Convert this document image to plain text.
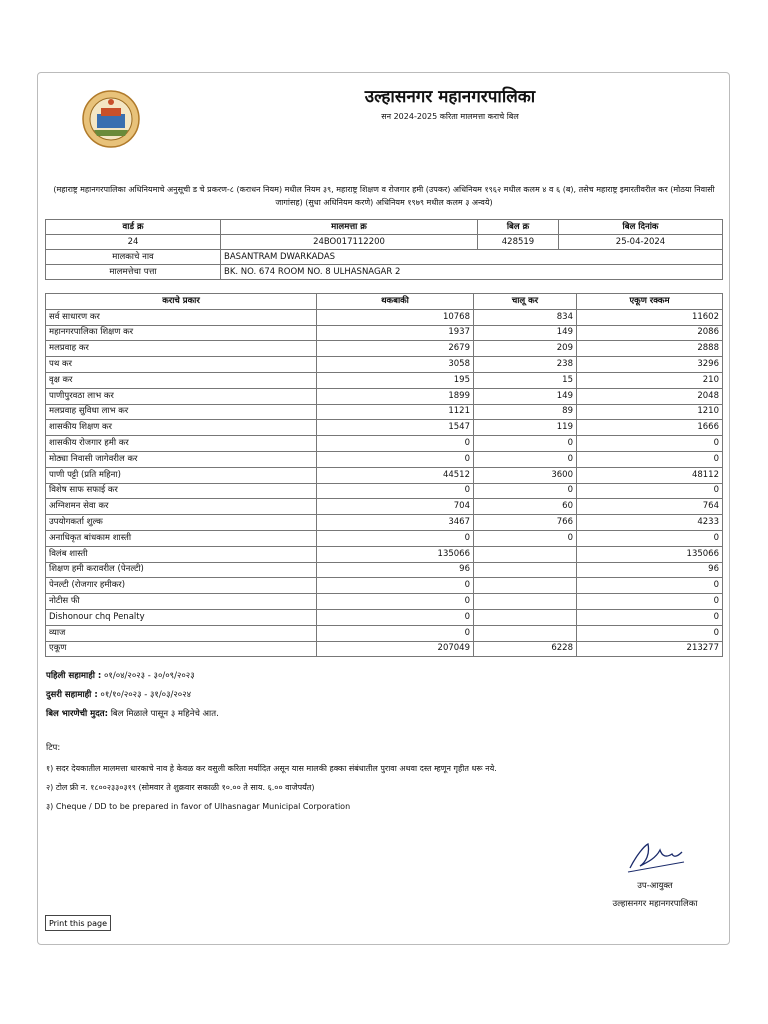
उल्हासनगर महानगरपालिका
सन 2024-2025 करिता मालमत्ता कराचे बिल
(महाराष्ट्र महानगरपालिका अधिनियमाचे अनुसूची ड चे प्रकरण-८ (कराधन नियम) मधील नियम ३९, महाराष्ट्र शिक्षण व रोजगार हमी (उपकर) अधिनियम १९६२ मधील कलम ४ व ६ (ब), तसेच महाराष्ट्र इमारतीवरील कर (मोठया निवासी जागांसह) (सुधा अधिनियम करणे) अधिनियम १९७९ मधील कलम ३ अन्वये)
वार्ड क्र	मालमत्ता क्र	बिल क्र	बिल दिनांक
24	24BO017112200	428519	25-04-2024
मालकाचे नाव	BASANTRAM DWARKADAS		
मालमत्तेचा पत्ता	BK. NO. 674 ROOM NO. 8 ULHASNAGAR 2		
कराचे प्रकार	थकबाकी	चालू कर	एकूण रक्कम
सर्व साधारण कर	10768	834	11602
महानगरपालिका शिक्षण कर	1937	149	2086
मलप्रवाह कर	2679	209	2888
पथ कर	3058	238	3296
वृक्ष कर	195	15	210
पाणीपुरवठा लाभ कर	1899	149	2048
मलप्रवाह सुविधा लाभ कर	1121	89	1210
शासकीय शिक्षण कर	1547	119	1666
शासकीय रोजगार हमी कर	0	0	0
मोठ्या निवासी जागेवरील कर	0	0	0
पाणी पट्टी (प्रति महिना)	44512	3600	48112
विशेष साफ सफाई कर	0	0	0
अग्निशमन सेवा कर	704	60	764
उपयोगकर्ता शुल्क	3467	766	4233
अनाधिकृत बांधकाम शास्ती	0	0	0
विलंब शास्ती	135066		135066
शिक्षण हमी करावरील (पेनल्टी)	96		96
पेनल्टी (रोजगार हमीकर)	0		0
नोटीस फी	0		0
Dishonour chq Penalty	0		0
व्याज	0		0
एकूण	207049	6228	213277
पहिली सहामाही : ०१/०४/२०२३ - ३०/०९/२०२३
दुसरी सहामाही : ०१/१०/२०२३ - ३१/०३/२०२४
बिल भारणेची मुदत: बिल मिळाले पासून ३ महिनेचे आत.
टिप:
१) सदर देयकातील मालमत्ता धारकाचे नाव हे केवळ कर वसुली करिता मर्यादित असून यास मालकी हक्का संबंधातील पुरावा अथवा दस्त म्हणून गृहीत धरू नये.
२) टोल फ्री न. १८००२३३०३१९ (सोमवार ते शुक्रवार सकाळी १०.०० ते साय. ६.०० वाजेपर्यंत)
३) Cheque / DD to be prepared in favor of Ulhasnagar Municipal Corporation
उप-आयुक्त
उल्हासनगर महानगरपालिका
Print this page
